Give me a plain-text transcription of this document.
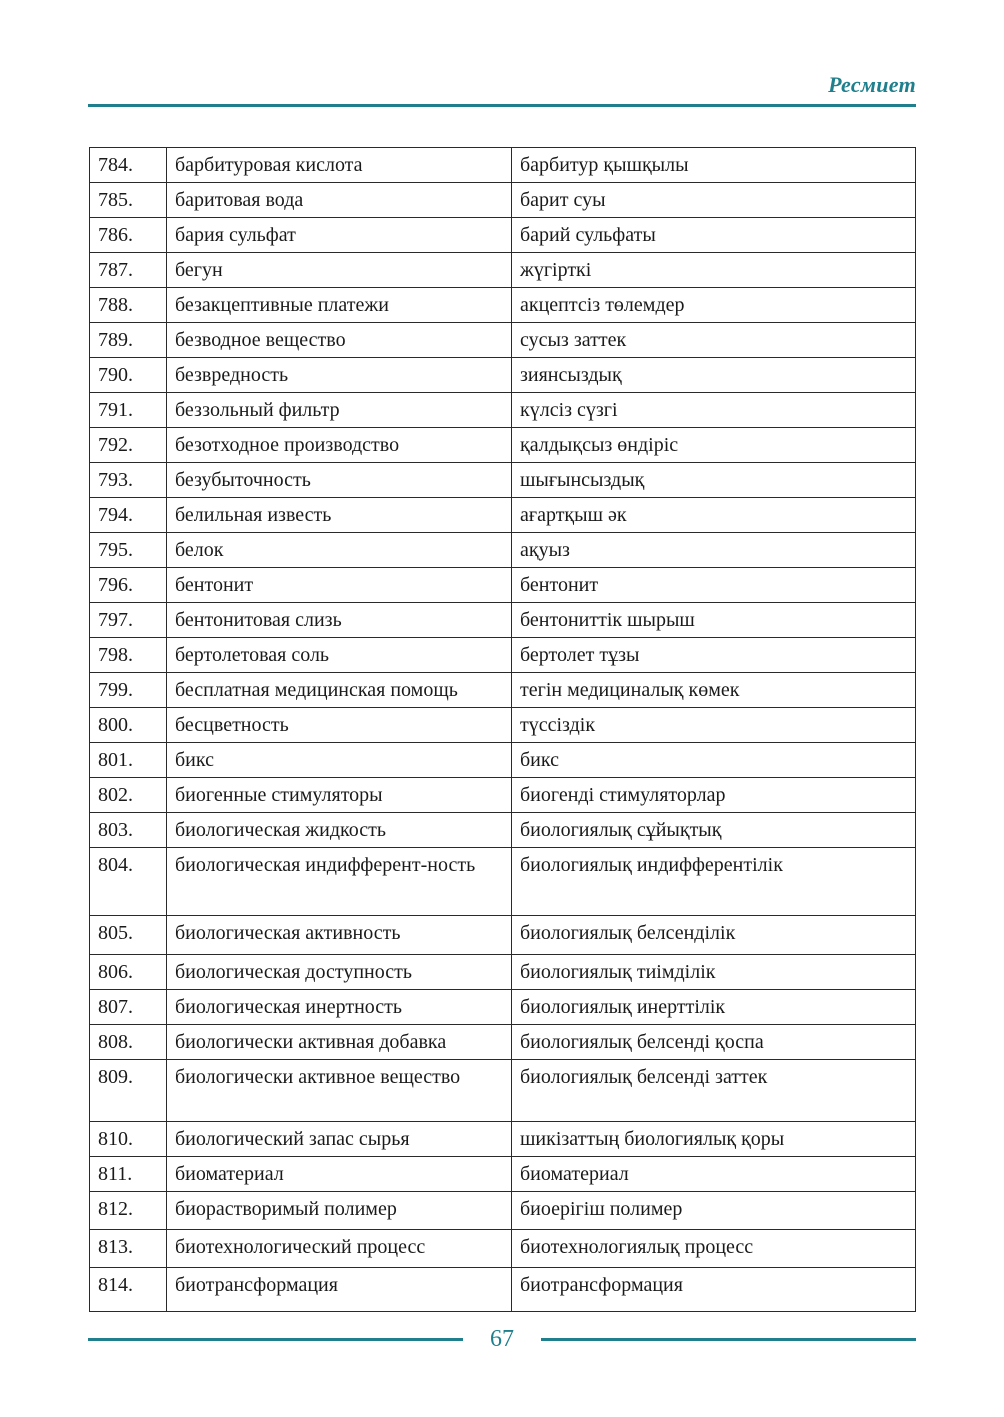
Ресмиет
784.	барбитуровая кислота	барбитур қышқылы
785.	баритовая вода	барит суы
786.	бария сульфат	барий сульфаты
787.	бегун	жүгірткі
788.	безакцептивные платежи	акцептсіз төлемдер
789.	безводное вещество	сусыз заттек
790.	безвредность	зиянсыздық
791.	беззольный фильтр	күлсіз сүзгі
792.	безотходное производство	қалдықсыз өндіріс
793.	безубыточность	шығынсыздық
794.	белильная известь	ағартқыш әк
795.	белок	ақуыз
796.	бентонит	бентонит
797.	бентонитовая слизь	бентониттік шырыш
798.	бертолетовая соль	бертолет тұзы
799.	бесплатная медицинская помощь	тегін медициналық көмек
800.	бесцветность	түссіздік
801.	бикс	бикс
802.	биогенные стимуляторы	биогенді стимуляторлар
803.	биологическая жидкость	биологиялық сұйықтық
804.	биологическая индифферент-ность	биологиялық индифферентілік
805.	биологическая активность	биологиялық белсенділік
806.	биологическая доступность	биологиялық тиімділік
807.	биологическая инертность	биологиялық инерттілік
808.	биологически активная добавка	биологиялық белсенді қоспа
809.	биологически активное вещество	биологиялық белсенді заттек
810.	биологический запас сырья	шикізаттың биологиялық қоры
811.	биоматериал	биоматериал
812.	биорастворимый полимер	биоерігіш полимер
813.	биотехнологический процесс	биотехнологиялық процесс
814.	биотрансформация	биотрансформация
67
